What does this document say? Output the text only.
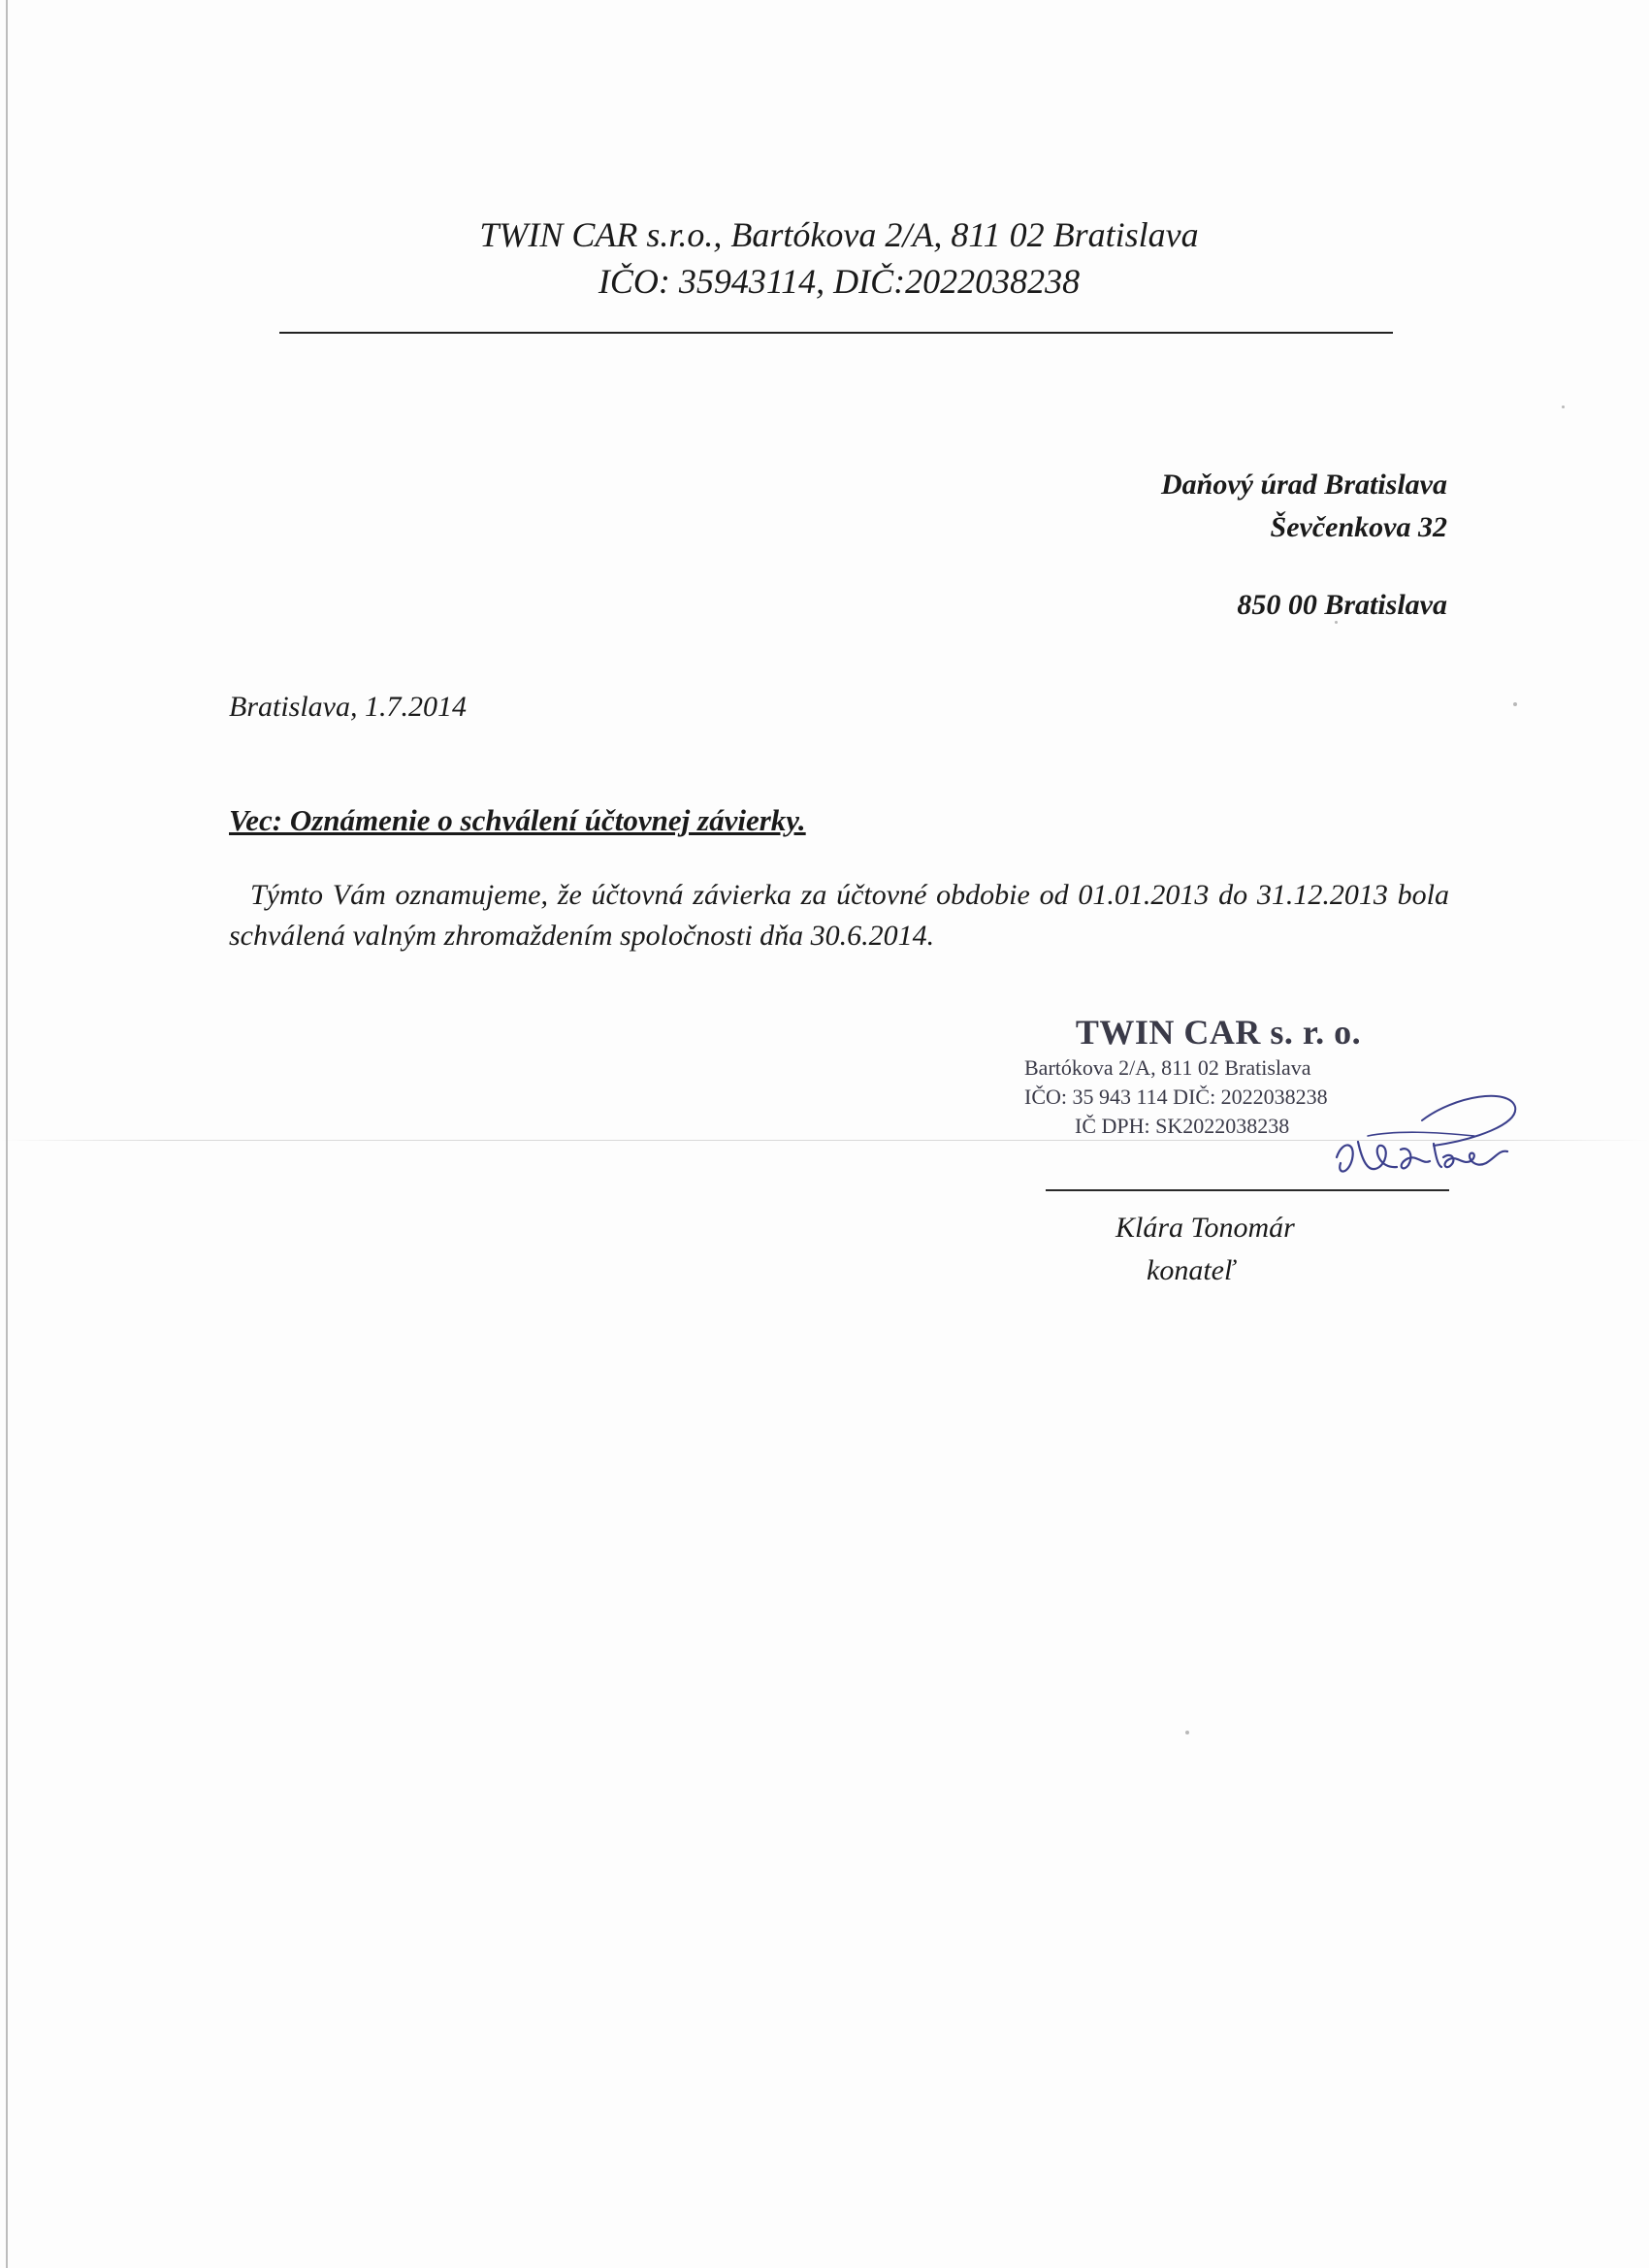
TWIN CAR s.r.o., Bartókova 2/A, 811 02 Bratislava
IČO: 35943114, DIČ:2022038238
Daňový úrad Bratislava
Ševčenkova 32
850 00 Bratislava
Bratislava, 1.7.2014
Vec: Oznámenie o schválení účtovnej závierky.
Týmto Vám oznamujeme, že účtovná závierka za účtovné obdobie od 01.01.2013 do 31.12.2013 bola schválená valným zhromaždením spoločnosti dňa 30.6.2014.
TWIN CAR s. r. o.
Bartókova 2/A, 811 02 Bratislava
IČO: 35 943 114 DIČ: 2022038238
IČ DPH: SK2022038238
Klára Tonomár
konateľ
